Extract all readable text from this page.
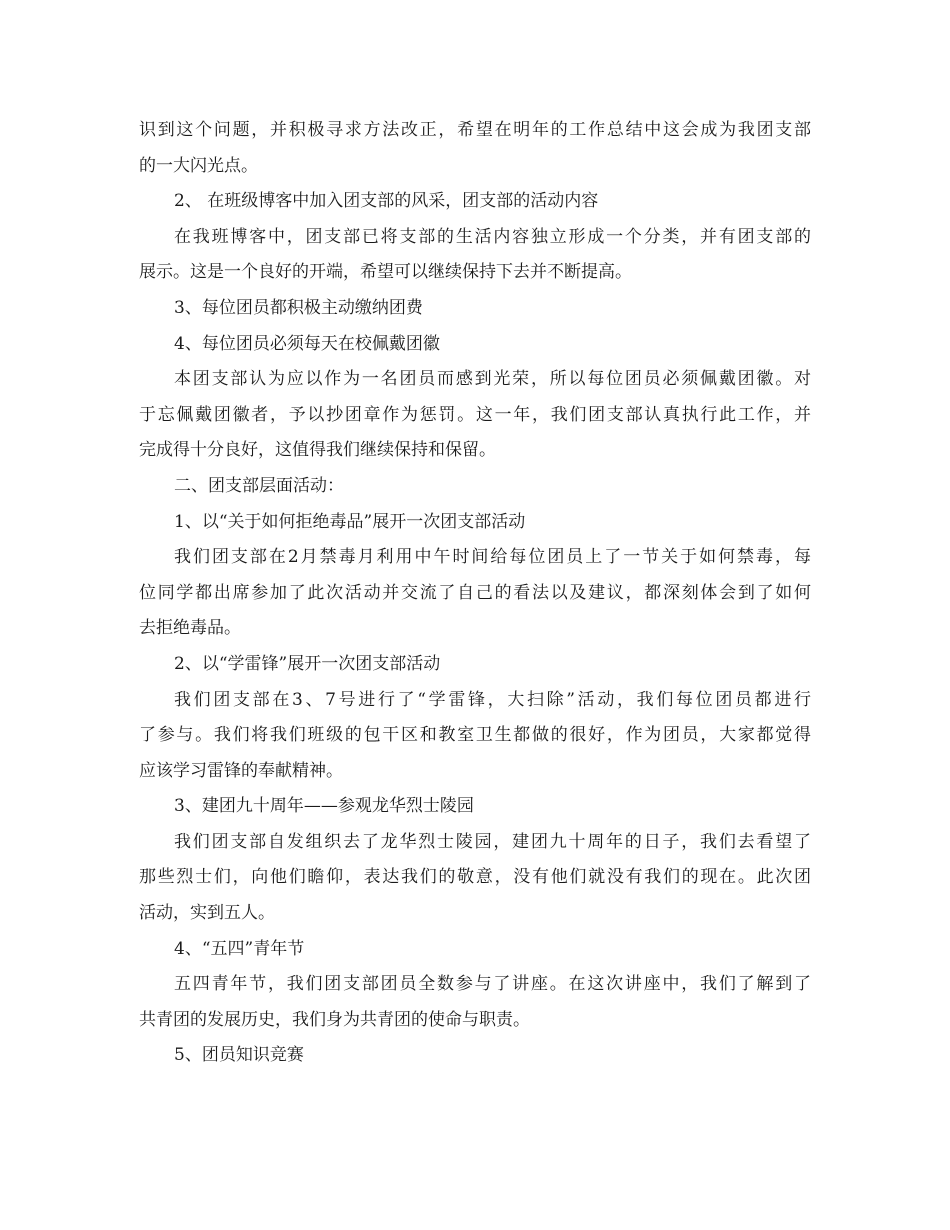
识到这个问题，并积极寻求方法改正，希望在明年的工作总结中这会成为我团支部
的一大闪光点。
2、 在班级博客中加入团支部的风采，团支部的活动内容
在我班博客中，团支部已将支部的生活内容独立形成一个分类，并有团支部的
展示。这是一个良好的开端，希望可以继续保持下去并不断提高。
3、每位团员都积极主动缴纳团费
4、每位团员必须每天在校佩戴团徽
本团支部认为应以作为一名团员而感到光荣，所以每位团员必须佩戴团徽。对
于忘佩戴团徽者，予以抄团章作为惩罚。这一年，我们团支部认真执行此工作，并
完成得十分良好，这值得我们继续保持和保留。
二、团支部层面活动：
1、以“关于如何拒绝毒品”展开一次团支部活动
我们团支部在2月禁毒月利用中午时间给每位团员上了一节关于如何禁毒，每
位同学都出席参加了此次活动并交流了自己的看法以及建议，都深刻体会到了如何
去拒绝毒品。
2、以“学雷锋”展开一次团支部活动
我们团支部在3、7号进行了“学雷锋，大扫除”活动，我们每位团员都进行
了参与。我们将我们班级的包干区和教室卫生都做的很好，作为团员，大家都觉得
应该学习雷锋的奉献精神。
3、建团九十周年——参观龙华烈士陵园
我们团支部自发组织去了龙华烈士陵园，建团九十周年的日子，我们去看望了
那些烈士们，向他们瞻仰，表达我们的敬意，没有他们就没有我们的现在。此次团
活动，实到五人。
4、“五四”青年节
五四青年节，我们团支部团员全数参与了讲座。在这次讲座中，我们了解到了
共青团的发展历史，我们身为共青团的使命与职责。
5、团员知识竞赛
